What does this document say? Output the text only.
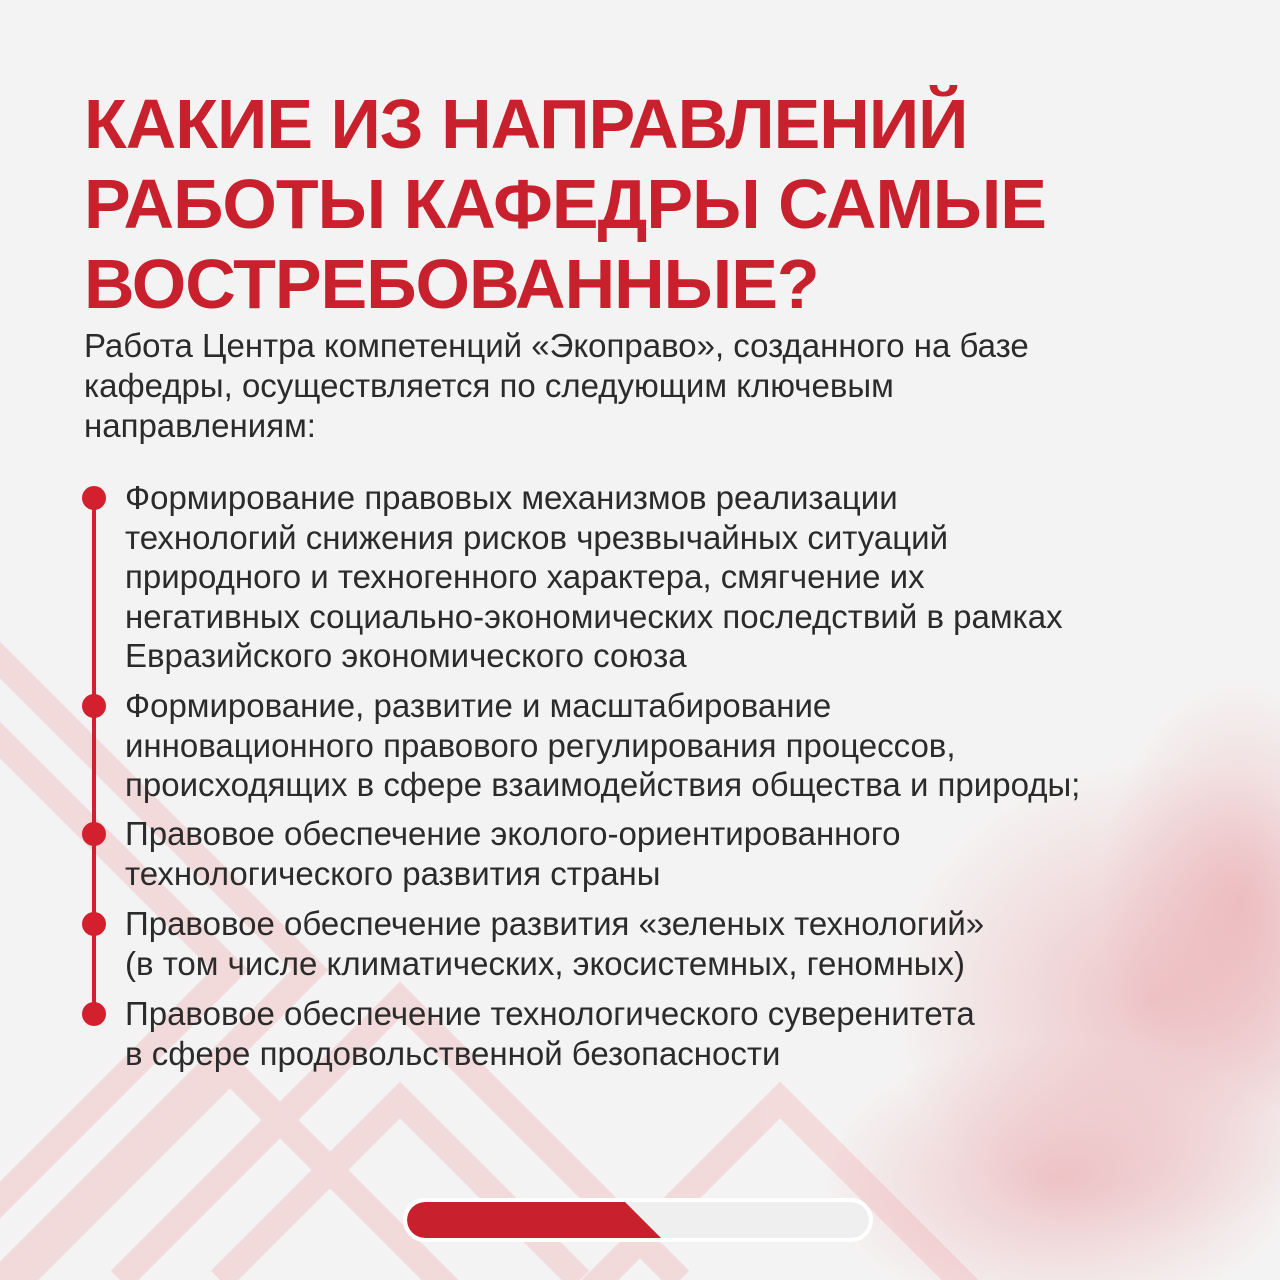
КАКИЕ ИЗ НАПРАВЛЕНИЙ
РАБОТЫ КАФЕДРЫ САМЫЕ
ВОСТРЕБОВАННЫЕ?

Работа Центра компетенций «Экоправо», созданного на базе
кафедры, осуществляется по следующим ключевым
направлениям:

Формирование правовых механизмов реализации
технологий снижения рисков чрезвычайных ситуаций
природного и техногенного характера, смягчение их
негативных социально-экономических последствий в рамках
Евразийского экономического союза
Формирование, развитие и масштабирование
инновационного правового регулирования процессов,
происходящих в сфере взаимодействия общества и природы;
Правовое обеспечение эколого-ориентированного
технологического развития страны
Правовое обеспечение развития «зеленых технологий»
(в том числе климатических, экосистемных, геномных)
Правовое обеспечение технологического суверенитета
в сфере продовольственной безопасности
